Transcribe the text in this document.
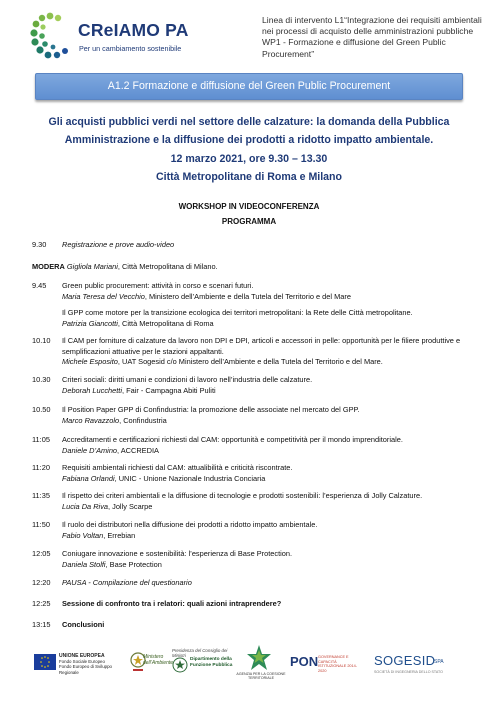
CReIAMO PA
Per un cambiamento sostenibile
Linea di intervento L1“Integrazione dei requisiti ambientali nei processi di acquisto delle amministrazioni pubbliche WP1 - Formazione e diffusione del Green Public Procurement”
A1.2 Formazione e diffusione del Green Public Procurement
Gli acquisti pubblici verdi nel settore delle calzature: la domanda della Pubblica
Amministrazione e la diffusione dei prodotti a ridotto impatto ambientale.
12 marzo 2021, ore 9.30 – 13.30
Città Metropolitane di Roma e Milano
WORKSHOP IN VIDEOCONFERENZA
PROGRAMMA
9.30	Registrazione e prove audio-video
MODERA Gigliola Mariani, Città Metropolitana di Milano.
9.45	Green public procurement: attività in corso e scenari futuri.
Maria Teresa del Vecchio, Ministero dell’Ambiente e della Tutela del Territorio e del Mare
Il GPP come motore per la transizione ecologica dei territori metropolitani: la Rete delle Città metropolitane.
Patrizia Giancotti, Città Metropolitana di Roma
10.10	Il CAM per forniture di calzature da lavoro non DPI e DPI, articoli e accessori in pelle: opportunità per le filiere produttive e semplificazioni attuative per le stazioni appaltanti.
Michele Esposito, UAT Sogesid c/o Ministero dell’Ambiente e della Tutela del Territorio e del Mare.
10.30	Criteri sociali: diritti umani e condizioni di lavoro nell’industria delle calzature.
Deborah Lucchetti, Fair - Campagna Abiti Puliti
10.50	Il Position Paper GPP di Confindustria: la promozione delle associate nel mercato del GPP.
Marco Ravazzolo, Confindustria
11:05	Accreditamenti e certificazioni richiesti dal CAM: opportunità e competitività per il mondo imprenditoriale.
Daniele D’Amino, ACCREDIA
11:20	Requisiti ambientali richiesti dal CAM: attualibilità e criticità riscontrate.
Fabiana Orlandi, UNIC - Unione Nazionale Industria Conciaria
11:35	Il rispetto dei criteri ambientali e la diffusione di tecnologie e prodotti sostenibili: l’esperienza di Jolly Calzature.
Lucia Da Riva, Jolly Scarpe
11:50	Il ruolo dei distributori nella diffusione dei prodotti a ridotto impatto ambientale.
Fabio Voltan, Errebian
12:05	Coniugare innovazione e sostenibilità: l’esperienza di Base Protection.
Daniela Stolfi, Base Protection
12:20	PAUSA - Compilazione del questionario
12:25	Sessione di confronto tra i relatori: quali azioni intraprendere?
13:15	Conclusioni
UNIONE EUROPEA
Fondo Sociale Europeo
Fondo Europeo di Sviluppo Regionale
Ministero dell’Ambiente
Presidenza del Consiglio dei Ministri
Dipartimento della Funzione Pubblica
AGENZIA PER LA COESIONE TERRITORIALE
PON GOVERNANCE E CAPACITÀ ISTITUZIONALE 2014-2020
SOGESID
SPA
SOCIETÀ DI INGEGNERIA DELLO STATO
